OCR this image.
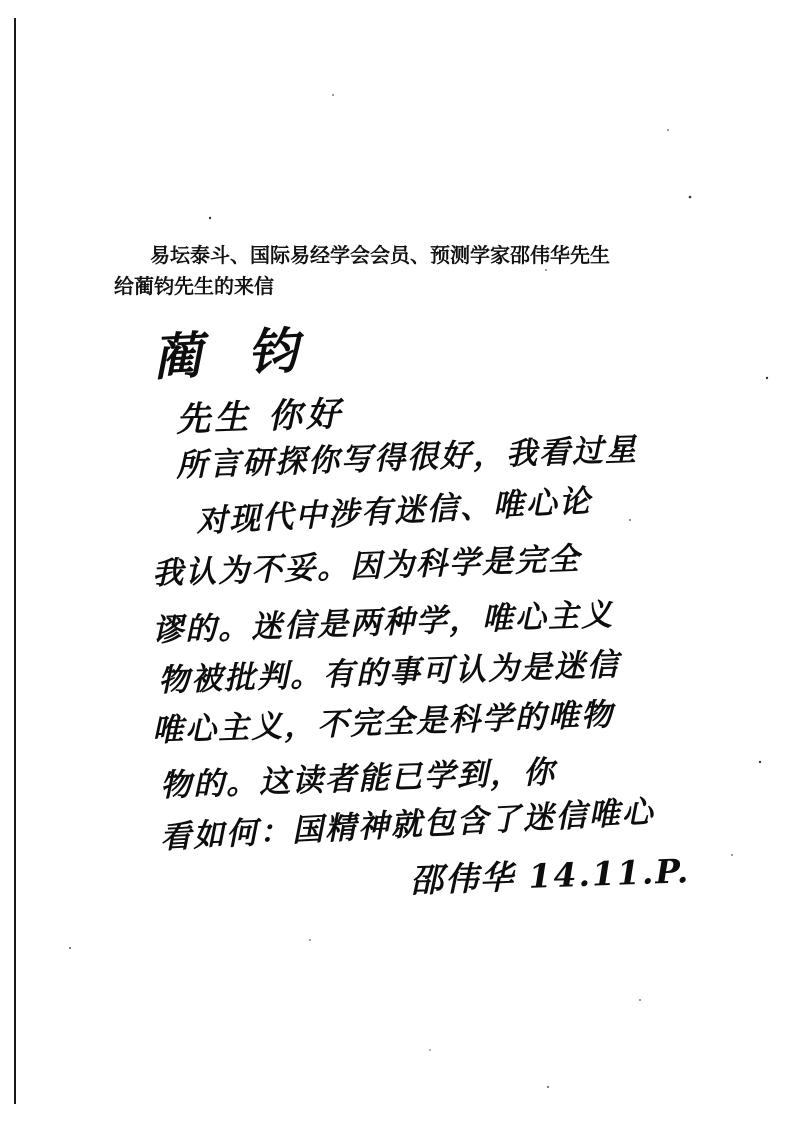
易坛泰斗、国际易经学会会员、预测学家邵伟华先生
给蔺钧先生的来信
蔺 钧
先生 你好
所言研探你写得很好，我看过星
对现代中涉有迷信、唯心论
我认为不妥。因为科学是完全
谬的。迷信是两种学，唯心主义
物被批判。有的事可认为是迷信
唯心主义，不完全是科学的唯物
物的。这读者能已学到，你
看如何：国精神就包含了迷信唯心
邵伟华 14.11.P.
